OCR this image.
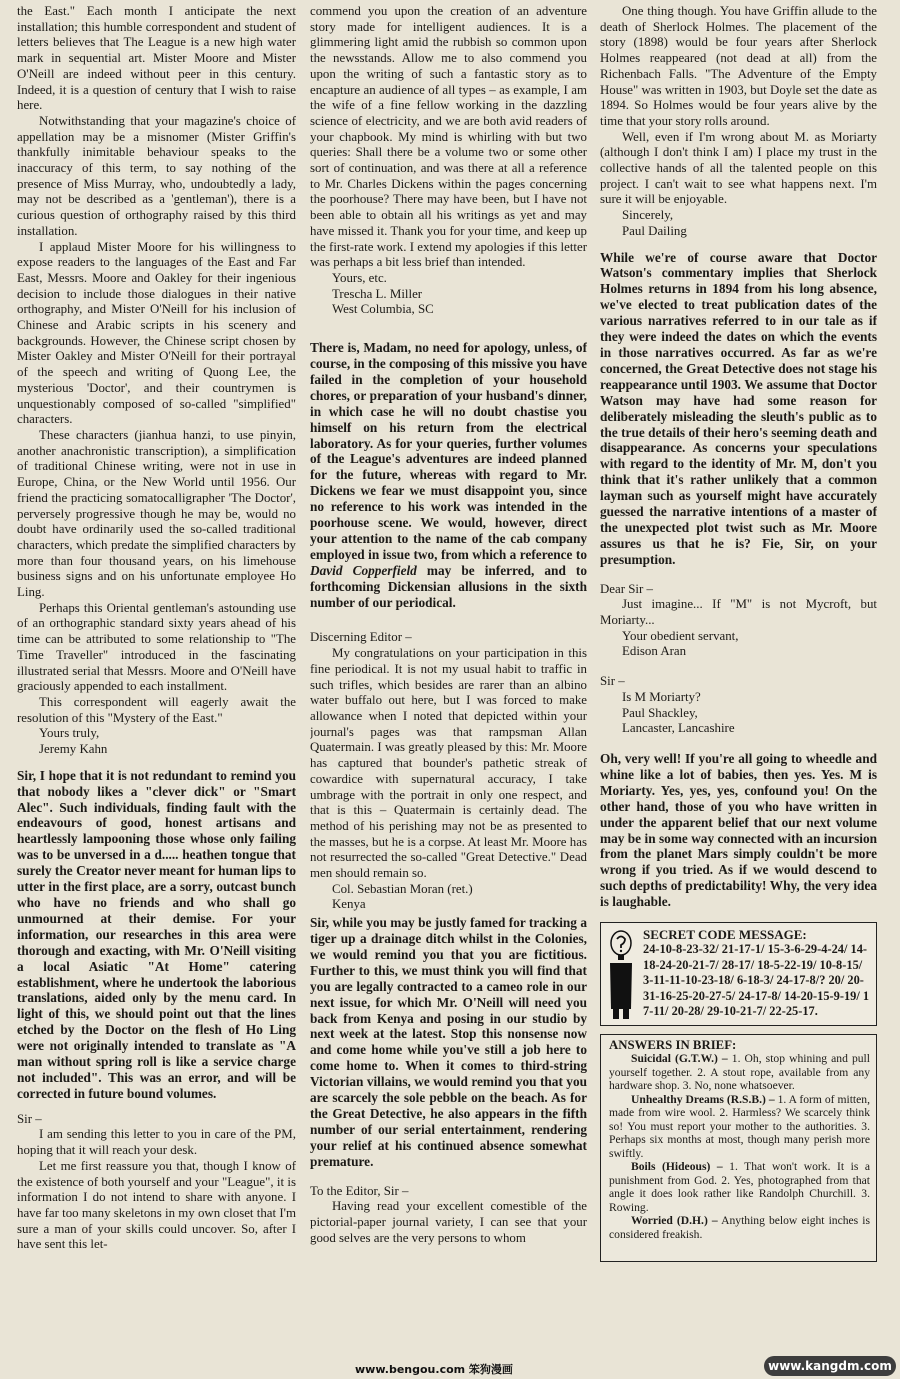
the East." Each month I anticipate the next installation; this humble correspondent and student of letters believes that The League is a new high water mark in sequential art. Mister Moore and Mister O'Neill are indeed without peer in this century. Indeed, it is a question of century that I wish to raise here.

Notwithstanding that your magazine's choice of appellation may be a misnomer (Mister Griffin's thankfully inimitable behaviour speaks to the inaccuracy of this term, to say nothing of the presence of Miss Murray, who, undoubtedly a lady, may not be described as a 'gentleman'), there is a curious question of orthography raised by this third installation.

I applaud Mister Moore for his willingness to expose readers to the languages of the East and Far East, Messrs. Moore and Oakley for their ingenious decision to include those dialogues in their native orthography, and Mister O'Neill for his inclusion of Chinese and Arabic scripts in his scenery and backgrounds. However, the Chinese script chosen by Mister Oakley and Mister O'Neill for their portrayal of the speech and writing of Quong Lee, the mysterious 'Doctor', and their countrymen is unquestionably composed of so-called "simplified" characters.

These characters (jianhua hanzi, to use pinyin, another anachronistic transcription), a simplification of traditional Chinese writing, were not in use in Europe, China, or the New World until 1956. Our friend the practicing somatocalligrapher 'The Doctor', perversely progressive though he may be, would no doubt have ordinarily used the so-called traditional characters, which predate the simplified characters by more than four thousand years, on his limehouse business signs and on his unfortunate employee Ho Ling.

Perhaps this Oriental gentleman's astounding use of an orthographic standard sixty years ahead of his time can be attributed to some relationship to "The Time Traveller" introduced in the fascinating illustrated serial that Messrs. Moore and O'Neill have graciously appended to each installment.

This correspondent will eagerly await the resolution of this "Mystery of the East."

Yours truly,

Jeremy Kahn

Sir, I hope that it is not redundant to remind you that nobody likes a "clever dick" or "Smart Alec". Such individuals, finding fault with the endeavours of good, honest artisans and heartlessly lampooning those whose only failing was to be unversed in a d..... heathen tongue that surely the Creator never meant for human lips to utter in the first place, are a sorry, outcast bunch who have no friends and who shall go unmourned at their demise. For your information, our researches in this area were thorough and exacting, with Mr. O'Neill visiting a local Asiatic "At Home" catering establishment, where he undertook the laborious translations, aided only by the menu card. In light of this, we should point out that the lines etched by the Doctor on the flesh of Ho Ling were not originally intended to translate as "A man without spring roll is like a service charge not included". This was an error, and will be corrected in future bound volumes.

Sir –

I am sending this letter to you in care of the PM, hoping that it will reach your desk.

Let me first reassure you that, though I know of the existence of both yourself and your "League", it is information I do not intend to share with anyone. I have far too many skeletons in my own closet that I'm sure a man of your skills could uncover. So, after I have sent this let-

commend you upon the creation of an adventure story made for intelligent audiences. It is a glimmering light amid the rubbish so common upon the newsstands. Allow me to also commend you upon the writing of such a fantastic story as to encapture an audience of all types – as example, I am the wife of a fine fellow working in the dazzling science of electricity, and we are both avid readers of your chapbook. My mind is whirling with but two queries: Shall there be a volume two or some other sort of continuation, and was there at all a reference to Mr. Charles Dickens within the pages concerning the poorhouse? There may have been, but I have not been able to obtain all his writings as yet and may have missed it. Thank you for your time, and keep up the first-rate work. I extend my apologies if this letter was perhaps a bit less brief than intended.

Yours, etc.

Trescha L. Miller

West Columbia, SC

There is, Madam, no need for apology, unless, of course, in the composing of this missive you have failed in the completion of your household chores, or preparation of your husband's dinner, in which case he will no doubt chastise you himself on his return from the electrical laboratory. As for your queries, further volumes of the League's adventures are indeed planned for the future, whereas with regard to Mr. Dickens we fear we must disappoint you, since no reference to his work was intended in the poorhouse scene. We would, however, direct your attention to the name of the cab company employed in issue two, from which a reference to David Copperfield may be inferred, and to forthcoming Dickensian allusions in the sixth number of our periodical.

Discerning Editor –

My congratulations on your participation in this fine periodical. It is not my usual habit to traffic in such trifles, which besides are rarer than an albino water buffalo out here, but I was forced to make allowance when I noted that depicted within your journal's pages was that rampsman Allan Quatermain. I was greatly pleased by this: Mr. Moore has captured that bounder's pathetic streak of cowardice with supernatural accuracy, I take umbrage with the portrait in only one respect, and that is this – Quatermain is certainly dead. The method of his perishing may not be as presented to the masses, but he is a corpse. At least Mr. Moore has not resurrected the so-called "Great Detective." Dead men should remain so.

Col. Sebastian Moran (ret.)

Kenya

Sir, while you may be justly famed for tracking a tiger up a drainage ditch whilst in the Colonies, we would remind you that you are fictitious. Further to this, we must think you will find that you are legally contracted to a cameo role in our next issue, for which Mr. O'Neill will need you back from Kenya and posing in our studio by next week at the latest. Stop this nonsense now and come home while you've still a job here to come home to. When it comes to third-string Victorian villains, we would remind you that you are scarcely the sole pebble on the beach. As for the Great Detective, he also appears in the fifth number of our serial entertainment, rendering your relief at his continued absence somewhat premature.

To the Editor, Sir –

Having read your excellent comestible of the pictorial-paper journal variety, I can see that your good selves are the very persons to whom

One thing though. You have Griffin allude to the death of Sherlock Holmes. The placement of the story (1898) would be four years after Sherlock Holmes reappeared (not dead at all) from the Richenbach Falls. "The Adventure of the Empty House" was written in 1903, but Doyle set the date as 1894. So Holmes would be four years alive by the time that your story rolls around.

Well, even if I'm wrong about M. as Moriarty (although I don't think I am) I place my trust in the collective hands of all the talented people on this project. I can't wait to see what happens next. I'm sure it will be enjoyable.

Sincerely,

Paul Dailing

While we're of course aware that Doctor Watson's commentary implies that Sherlock Holmes returns in 1894 from his long absence, we've elected to treat publication dates of the various narratives referred to in our tale as if they were indeed the dates on which the events in those narratives occurred. As far as we're concerned, the Great Detective does not stage his reappearance until 1903. We assume that Doctor Watson may have had some reason for deliberately misleading the sleuth's public as to the true details of their hero's seeming death and disappearance. As concerns your speculations with regard to the identity of Mr. M, don't you think that it's rather unlikely that a common layman such as yourself might have accurately guessed the narrative intentions of a master of the unexpected plot twist such as Mr. Moore assures us that he is? Fie, Sir, on your presumption.

Dear Sir –

Just imagine... If "M" is not Mycroft, but Moriarty...

Your obedient servant,

Edison Aran

Sir –

Is M Moriarty?

Paul Shackley,

Lancaster, Lancashire

Oh, very well! If you're all going to wheedle and whine like a lot of babies, then yes. Yes. M is Moriarty. Yes, yes, yes, confound you! On the other hand, those of you who have written in under the apparent belief that our next volume may be in some way connected with an incursion from the planet Mars simply couldn't be more wrong if you tried. As if we would descend to such depths of predictability! Why, the very idea is laughable.

SECRET CODE MESSAGE:
24-10-8-23-32/ 21-17-1/ 15-3-6-29-4-24/ 14-18-24-20-21-7/ 28-17/ 18-5-22-19/ 10-8-15/ 3-11-11-10-23-18/ 6-18-3/ 24-17-8/? 20/ 20-31-16-25-20-27-5/ 24-17-8/ 14-20-15-9-19/ 17-11/ 20-28/ 29-10-21-7/ 22-25-17.
ANSWERS IN BRIEF:

Suicidal (G.T.W.) – 1. Oh, stop whining and pull yourself together. 2. A stout rope, available from any hardware shop. 3. No, none whatsoever.

Unhealthy Dreams (R.S.B.) – 1. A form of mitten, made from wire wool. 2. Harmless? We scarcely think so! You must report your mother to the authorities. 3. Perhaps six months at most, though many perish more swiftly.

Boils (Hideous) – 1. That won't work. It is a punishment from God. 2. Yes, photographed from that angle it does look rather like Randolph Churchill. 3. Rowing.

Worried (D.H.) – Anything below eight inches is considered freakish.

www.bengou.com 笨狗漫画	www.kangdm.com
